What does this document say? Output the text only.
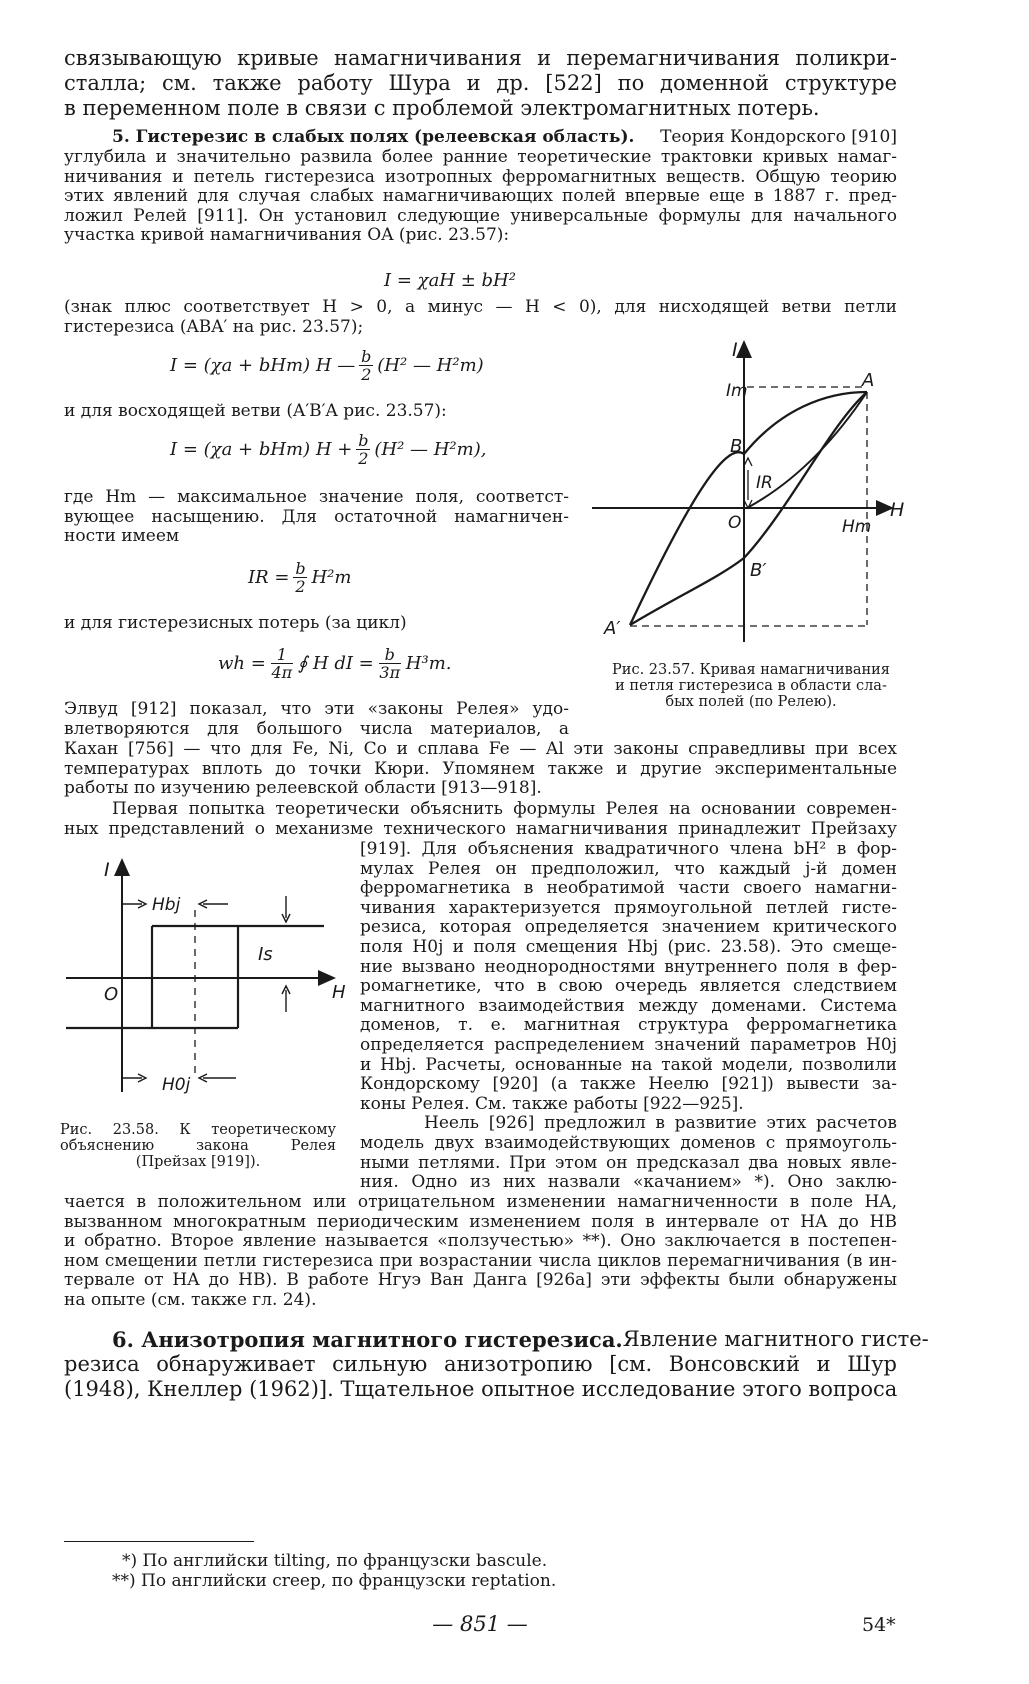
связывающую кривые намагничивания и перемагничивания поликри-
сталла; см. также работу Шура и др. [522] по доменной структуре
в переменном поле в связи с проблемой электромагнитных потерь.
5. Гистерезис в слабых полях (релеевская область). Теория Кондорского [910]
углубила и значительно развила более ранние теоретические трактовки кривых намаг-
ничивания и петель гистерезиса изотропных ферромагнитных веществ. Общую теорию
этих явлений для случая слабых намагничивающих полей впервые еще в 1887 г. пред-
ложил Релей [911]. Он установил следующие универсальные формулы для начального
участка кривой намагничивания OA (рис. 23.57):
I = χaH ± bH²
(знак плюс соответствует H > 0, а минус — H < 0), для нисходящей ветви петли
гистерезиса (ABA′ на рис. 23.57);
I = (χa + bHm) H — $\frac{b}{2} (H^2$ — H²m)
и для восходящей ветви (A′B′A рис. 23.57):
I = (χa + bHm) $H + \frac{b}{2} (H^2$ — H²m),
где Hm — максимальное значение поля, соответст-
вующее насыщению. Для остаточной намагничен-
ности имеем
IR = $\frac{b}{2} H^2m$
и для гистерезисных потерь (за цикл)
wh = $\frac{1}{4\pi}$ ∮ H dI = $\frac{b}{3\pi} H^3m$.
Элвуд [912] показал, что эти «законы Релея» удо-
влетворяются для большого числа материалов, а
Кахан [756] — что для Fe, Ni, Co и сплава Fe — Al эти законы справедливы при всех
температурах вплоть до точки Кюри. Упомянем также и другие экспериментальные
работы по изучению релеевской области [913—918].
Первая попытка теоретически объяснить формулы Релея на основании современ-
ных представлений о механизме технического намагничивания принадлежит Прейзаху
[919]. Для объяснения квадратичного члена bH² в фор-
мулах Релея он предположил, что каждый j-й домен
ферромагнетика в необратимой части своего намагни-
чивания характеризуется прямоугольной петлей гисте-
резиса, которая определяется значением критического
поля H0j и поля смещения Hbj (рис. 23.58). Это смеще-
ние вызвано неоднородностями внутреннего поля в фер-
ромагнетике, что в свою очередь является следствием
магнитного взаимодействия между доменами. Система
доменов, т. е. магнитная структура ферромагнетика
определяется распределением значений параметров H0j
и Hbj. Расчеты, основанные на такой модели, позволили
Кондорскому [920] (а также Неелю [921]) вывести за-
коны Релея. См. также работы [922—925].
Неель [926] предложил в развитие этих расчетов
модель двух взаимодействующих доменов с прямоуголь-
ными петлями. При этом он предсказал два новых явле-
ния. Одно из них назвали «качанием» *). Оно заклю-
чается в положительном или отрицательном изменении намагниченности в поле HA,
вызванном многократным периодическим изменением поля в интервале от HA до HB
и обратно. Второе явление называется «ползучестью» **). Оно заключается в постепен-
ном смещении петли гистерезиса при возрастании числа циклов перемагничивания (в ин-
тервале от HA до HB). В работе Нгуэ Ван Данга [926а] эти эффекты были обнаружены
на опыте (см. также гл. 24).
6. Анизотропия магнитного гистерезиса. Явление магнитного гисте-
резиса обнаруживает сильную анизотропию [см. Вонсовский и Шур
(1948), Кнеллер (1962)]. Тщательное опытное исследование этого вопроса
*) По английски tilting, по французски bascule.
**) По английски creep, по французски reptation.
— 851 —	54*
I
Im	A
B
IR
H
O	Hm
B′
A′
Рис. 23.57. Кривая намагничивания
и петля гистерезиса в области сла-
бых полей (по Релею).
I
Hbj
Is
O	H
H0j
Рис. 23.58. К теоретическому
объяснению закона Релея
(Прейзах [919]).
